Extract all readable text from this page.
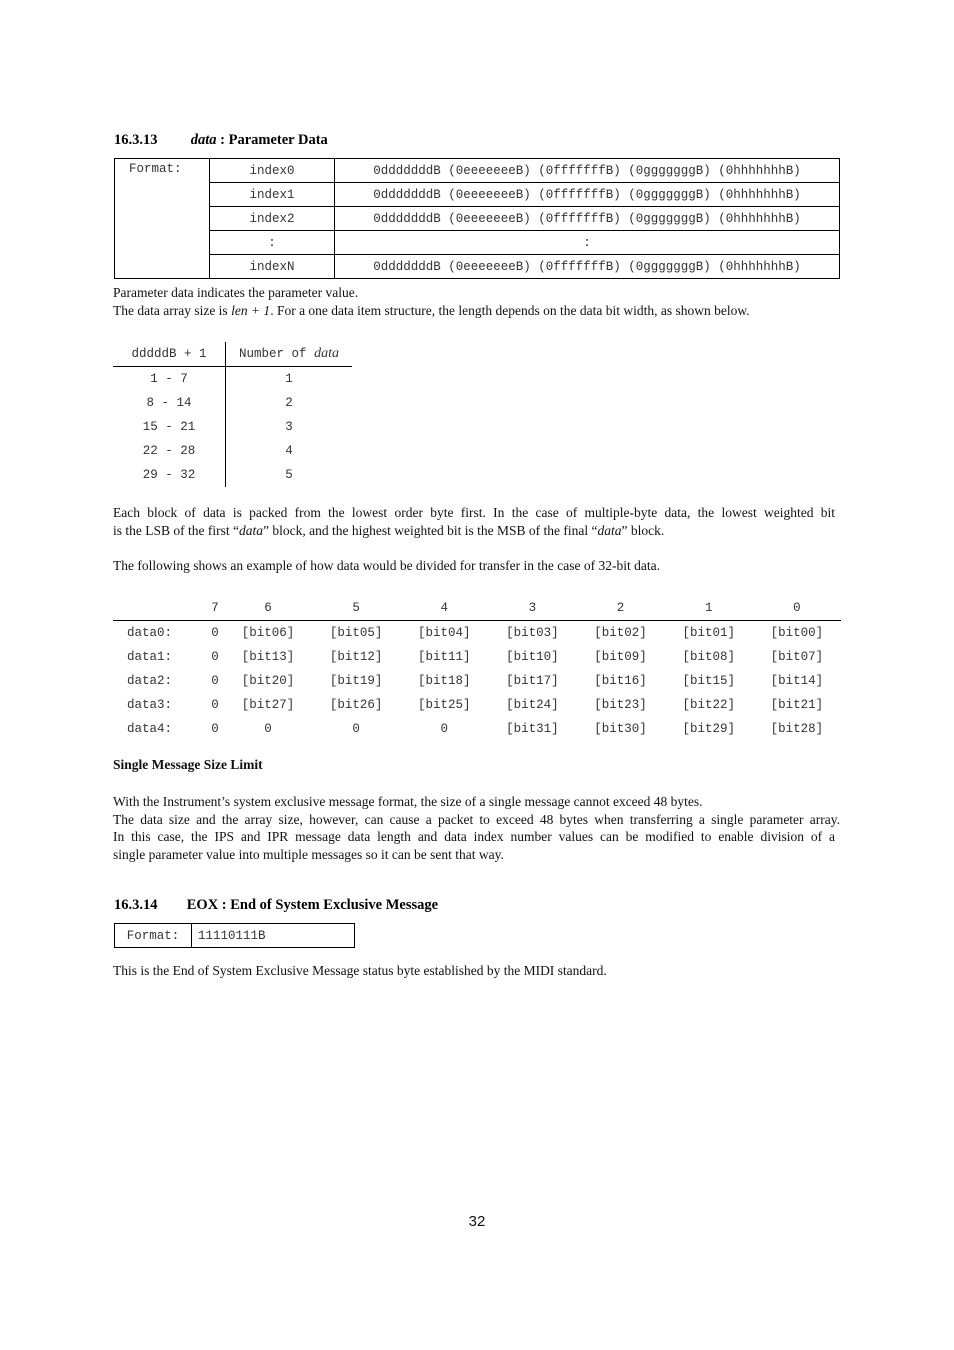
16.3.13 data : Parameter Data
Format:	index0	0dddddddB (0eeeeeeeB) (0fffffffB) (0gggggggB) (0hhhhhhhB)
	index1	0dddddddB (0eeeeeeeB) (0fffffffB) (0gggggggB) (0hhhhhhhB)
	index2	0dddddddB (0eeeeeeeB) (0fffffffB) (0gggggggB) (0hhhhhhhB)
	:	:
	indexN	0dddddddB (0eeeeeeeB) (0fffffffB) (0gggggggB) (0hhhhhhhB)
Parameter data indicates the parameter value.
The data array size is len + 1. For a one data item structure, the length depends on the data bit width, as shown below.
dddddB + 1	Number of data
1 - 7	1
8 - 14	2
15 - 21	3
22 - 28	4
29 - 32	5
Each block of data is packed from the lowest order byte first. In the case of multiple-byte data, the lowest weighted bit
is the LSB of the first “data” block, and the highest weighted bit is the MSB of the final “data” block.
The following shows an example of how data would be divided for transfer in the case of 32-bit data.
	7	6	5	4	3	2	1	0
data0:	0	[bit06]	[bit05]	[bit04]	[bit03]	[bit02]	[bit01]	[bit00]
data1:	0	[bit13]	[bit12]	[bit11]	[bit10]	[bit09]	[bit08]	[bit07]
data2:	0	[bit20]	[bit19]	[bit18]	[bit17]	[bit16]	[bit15]	[bit14]
data3:	0	[bit27]	[bit26]	[bit25]	[bit24]	[bit23]	[bit22]	[bit21]
data4:	0	0	0	0	[bit31]	[bit30]	[bit29]	[bit28]
Single Message Size Limit
With the Instrument’s system exclusive message format, the size of a single message cannot exceed 48 bytes.
The data size and the array size, however, can cause a packet to exceed 48 bytes when transferring a single parameter array.
In this case, the IPS and IPR message data length and data index number values can be modified to enable division of a
single parameter value into multiple messages so it can be sent that way.
16.3.14 EOX : End of System Exclusive Message
Format:	11110111B
This is the End of System Exclusive Message status byte established by the MIDI standard.
32
